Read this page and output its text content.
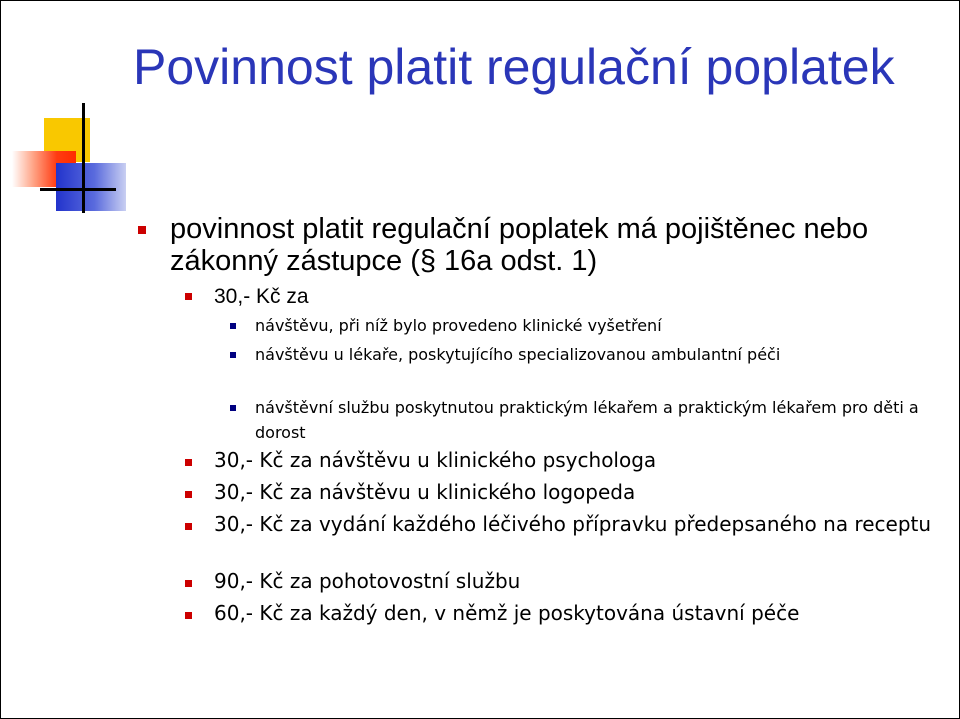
Povinnost platit regulační poplatek
povinnost platit regulační poplatek má pojištěnec nebo zákonný zástupce (§ 16a odst. 1)
30,- Kč za
návštěvu, při níž bylo provedeno klinické vyšetření
návštěvu u lékaře, poskytujícího specializovanou ambulantní péči
návštěvní službu poskytnutou praktickým lékařem a praktickým lékařem pro děti a dorost
30,- Kč za návštěvu u klinického psychologa
30,- Kč za návštěvu u klinického logopeda
30,- Kč za vydání každého léčivého přípravku předepsaného na receptu
90,- Kč za pohotovostní službu
60,- Kč za každý den, v němž je poskytována ústavní péče
